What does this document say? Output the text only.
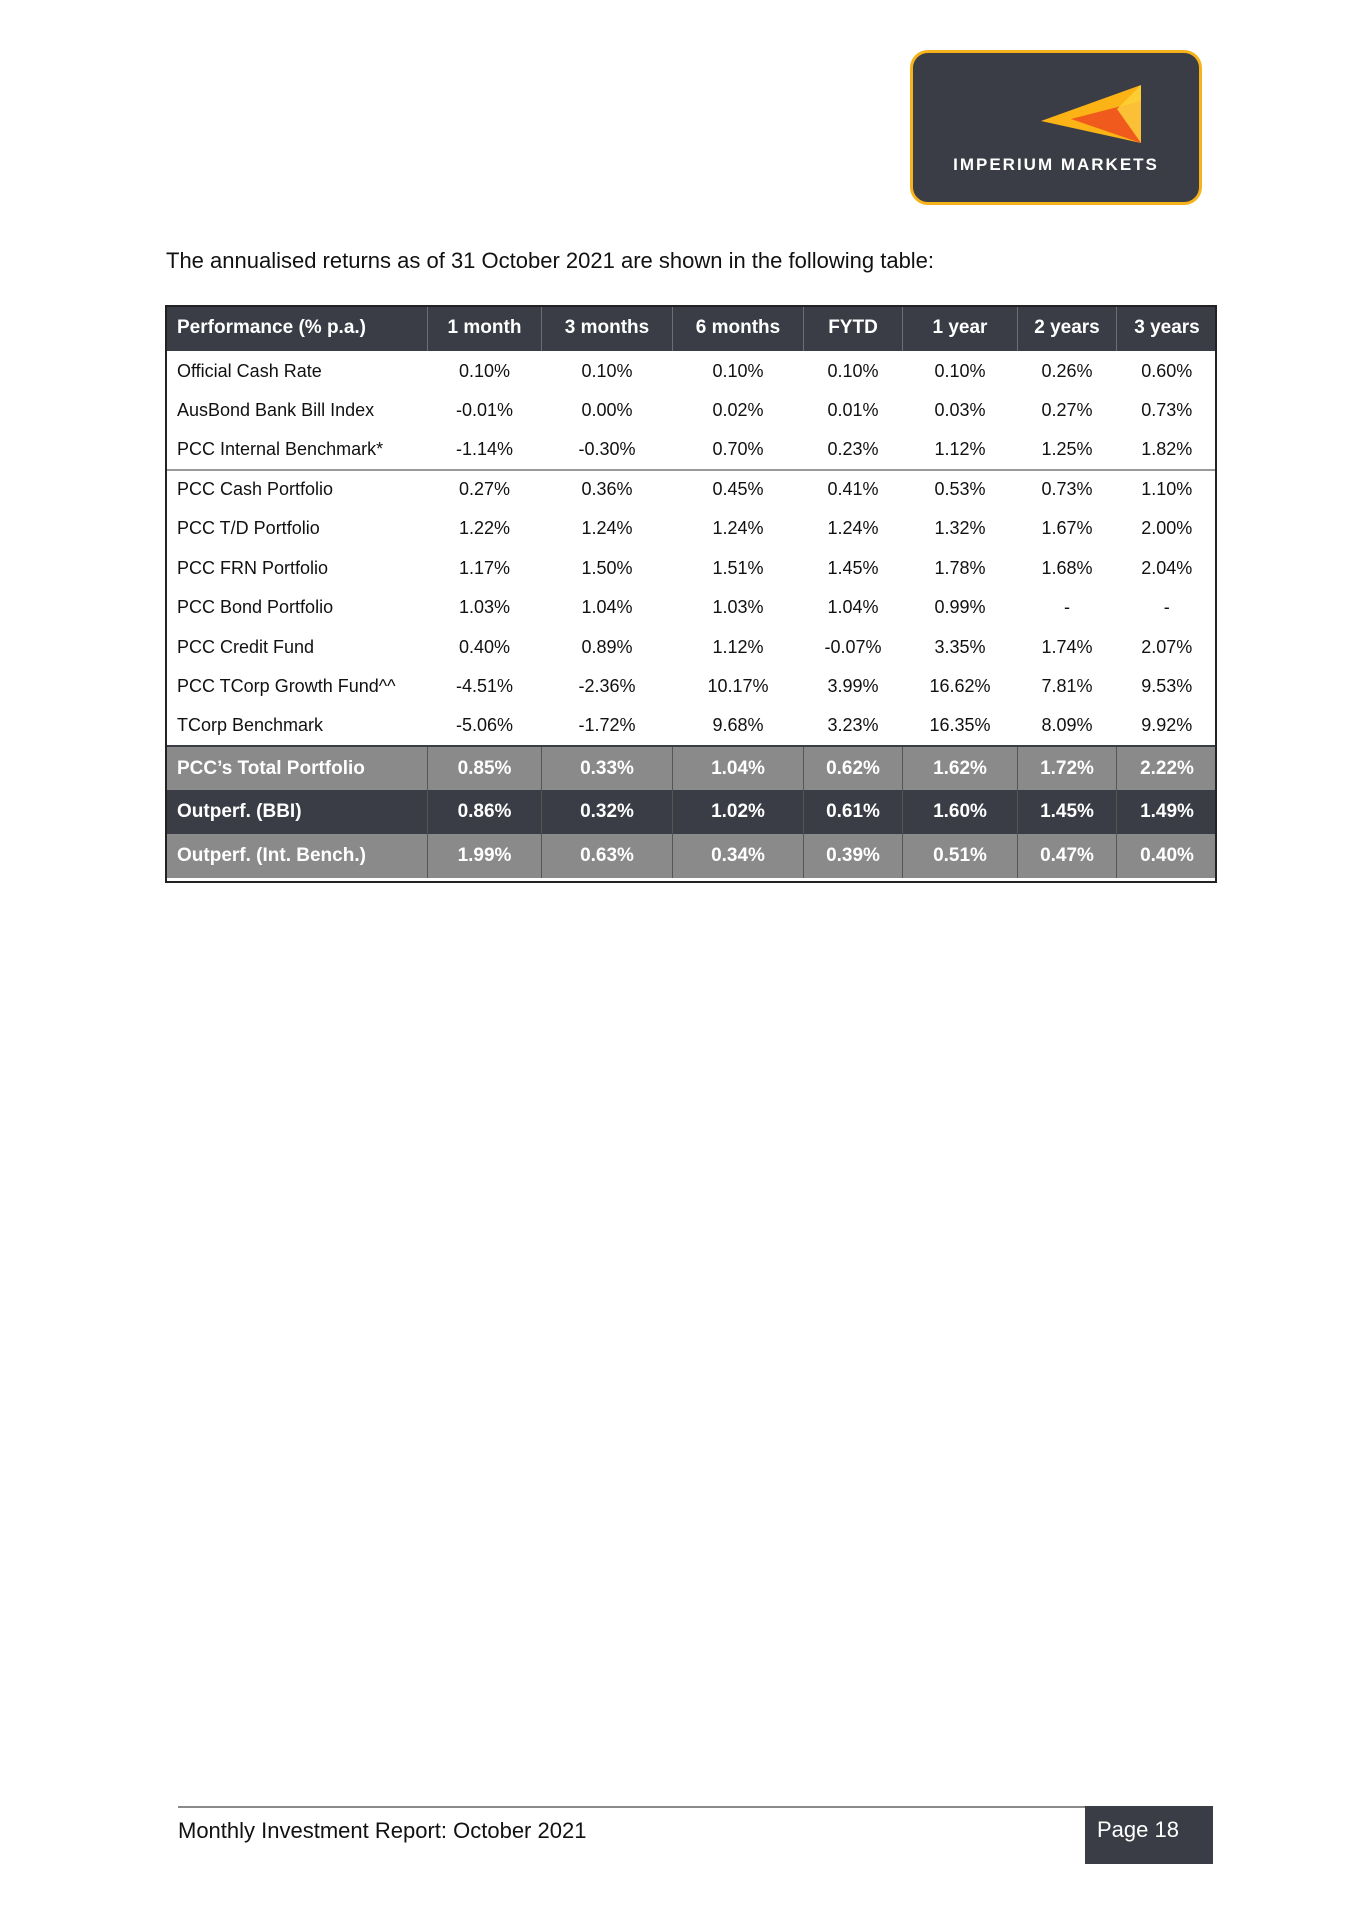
IMPERIUM MARKETS
The annualised returns as of 31 October 2021 are shown in the following table:
Performance (% p.a.)	1 month	3 months	6 months	FYTD	1 year	2 years	3 years
Official Cash Rate	0.10%	0.10%	0.10%	0.10%	0.10%	0.26%	0.60%
AusBond Bank Bill Index	-0.01%	0.00%	0.02%	0.01%	0.03%	0.27%	0.73%
PCC Internal Benchmark*	-1.14%	-0.30%	0.70%	0.23%	1.12%	1.25%	1.82%
PCC Cash Portfolio	0.27%	0.36%	0.45%	0.41%	0.53%	0.73%	1.10%
PCC T/D Portfolio	1.22%	1.24%	1.24%	1.24%	1.32%	1.67%	2.00%
PCC FRN Portfolio	1.17%	1.50%	1.51%	1.45%	1.78%	1.68%	2.04%
PCC Bond Portfolio	1.03%	1.04%	1.03%	1.04%	0.99%	-	-
PCC Credit Fund	0.40%	0.89%	1.12%	-0.07%	3.35%	1.74%	2.07%
PCC TCorp Growth Fund^^	-4.51%	-2.36%	10.17%	3.99%	16.62%	7.81%	9.53%
TCorp Benchmark	-5.06%	-1.72%	9.68%	3.23%	16.35%	8.09%	9.92%
PCC’s Total Portfolio	0.85%	0.33%	1.04%	0.62%	1.62%	1.72%	2.22%
Outperf. (BBI)	0.86%	0.32%	1.02%	0.61%	1.60%	1.45%	1.49%
Outperf. (Int. Bench.)	1.99%	0.63%	0.34%	0.39%	0.51%	0.47%	0.40%
Monthly Investment Report: October 2021	Page 18
